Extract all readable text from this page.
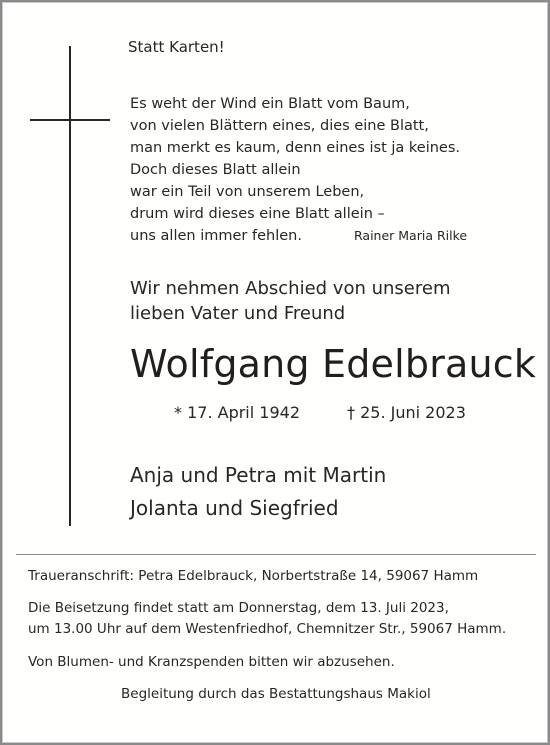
Statt Karten!
Es weht der Wind ein Blatt vom Baum,
von vielen Blättern eines, dies eine Blatt,
man merkt es kaum, denn eines ist ja keines.
Doch dieses Blatt allein
war ein Teil von unserem Leben,
drum wird dieses eine Blatt allein –
uns allen immer fehlen.	Rainer Maria Rilke
Wir nehmen Abschied von unserem
lieben Vater und Freund
Wolfgang Edelbrauck
* 17. April 1942	† 25. Juni 2023
Anja und Petra mit Martin
Jolanta und Siegfried
Traueranschrift: Petra Edelbrauck, Norbertstraße 14, 59067 Hamm
Die Beisetzung findet statt am Donnerstag, dem 13. Juli 2023,
um 13.00 Uhr auf dem Westenfriedhof, Chemnitzer Str., 59067 Hamm.
Von Blumen- und Kranzspenden bitten wir abzusehen.
Begleitung durch das Bestattungshaus Makiol
